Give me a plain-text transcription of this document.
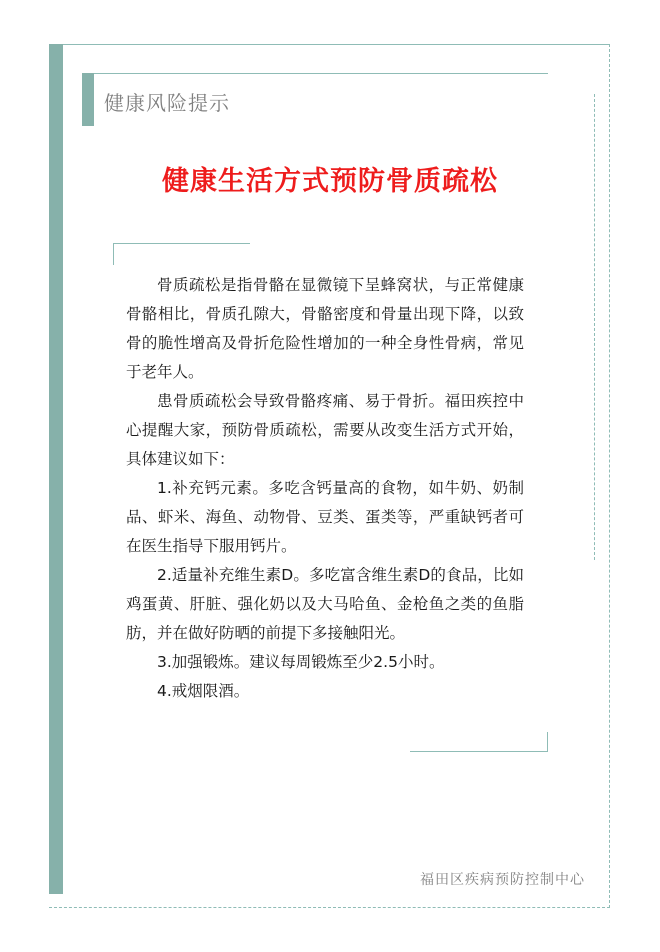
健康风险提示
健康生活方式预防骨质疏松

骨质疏松是指骨骼在显微镜下呈蜂窝状，与正常健康骨骼相比，骨质孔隙大，骨骼密度和骨量出现下降，以致骨的脆性增高及骨折危险性增加的一种全身性骨病，常见于老年人。

患骨质疏松会导致骨骼疼痛、易于骨折。福田疾控中心提醒大家，预防骨质疏松，需要从改变生活方式开始，具体建议如下：

1.补充钙元素。多吃含钙量高的食物，如牛奶、奶制品、虾米、海鱼、动物骨、豆类、蛋类等，严重缺钙者可在医生指导下服用钙片。

2.适量补充维生素D。多吃富含维生素D的食品，比如鸡蛋黄、肝脏、强化奶以及大马哈鱼、金枪鱼之类的鱼脂肪，并在做好防晒的前提下多接触阳光。

3.加强锻炼。建议每周锻炼至少2.5小时。

4.戒烟限酒。

福田区疾病预防控制中心
